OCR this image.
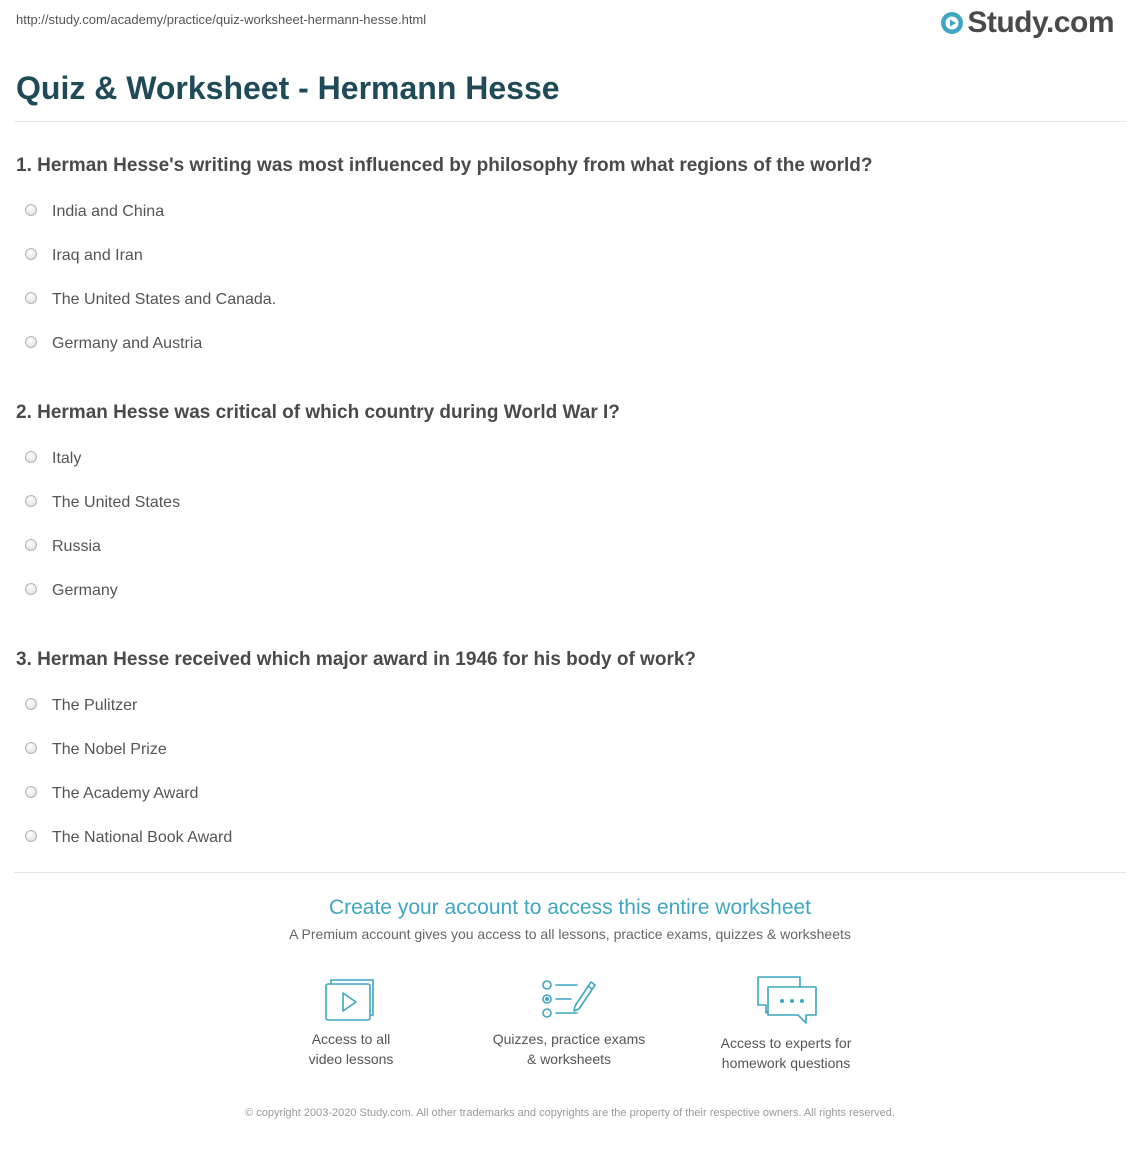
http://study.com/academy/practice/quiz-worksheet-hermann-hesse.html	Study.com
Quiz & Worksheet - Hermann Hesse

1. Herman Hesse's writing was most influenced by philosophy from what regions of the world?

India and China
Iraq and Iran
The United States and Canada.
Germany and Austria

2. Herman Hesse was critical of which country during World War I?

Italy
The United States
Russia
Germany

3. Herman Hesse received which major award in 1946 for his body of work?

The Pulitzer
The Nobel Prize
The Academy Award
The National Book Award
Create your account to access this entire worksheet
A Premium account gives you access to all lessons, practice exams, quizzes & worksheets
Access to all
video lessons
Quizzes, practice exams
& worksheets
Access to experts for
homework questions
© copyright 2003-2020 Study.com. All other trademarks and copyrights are the property of their respective owners. All rights reserved.
